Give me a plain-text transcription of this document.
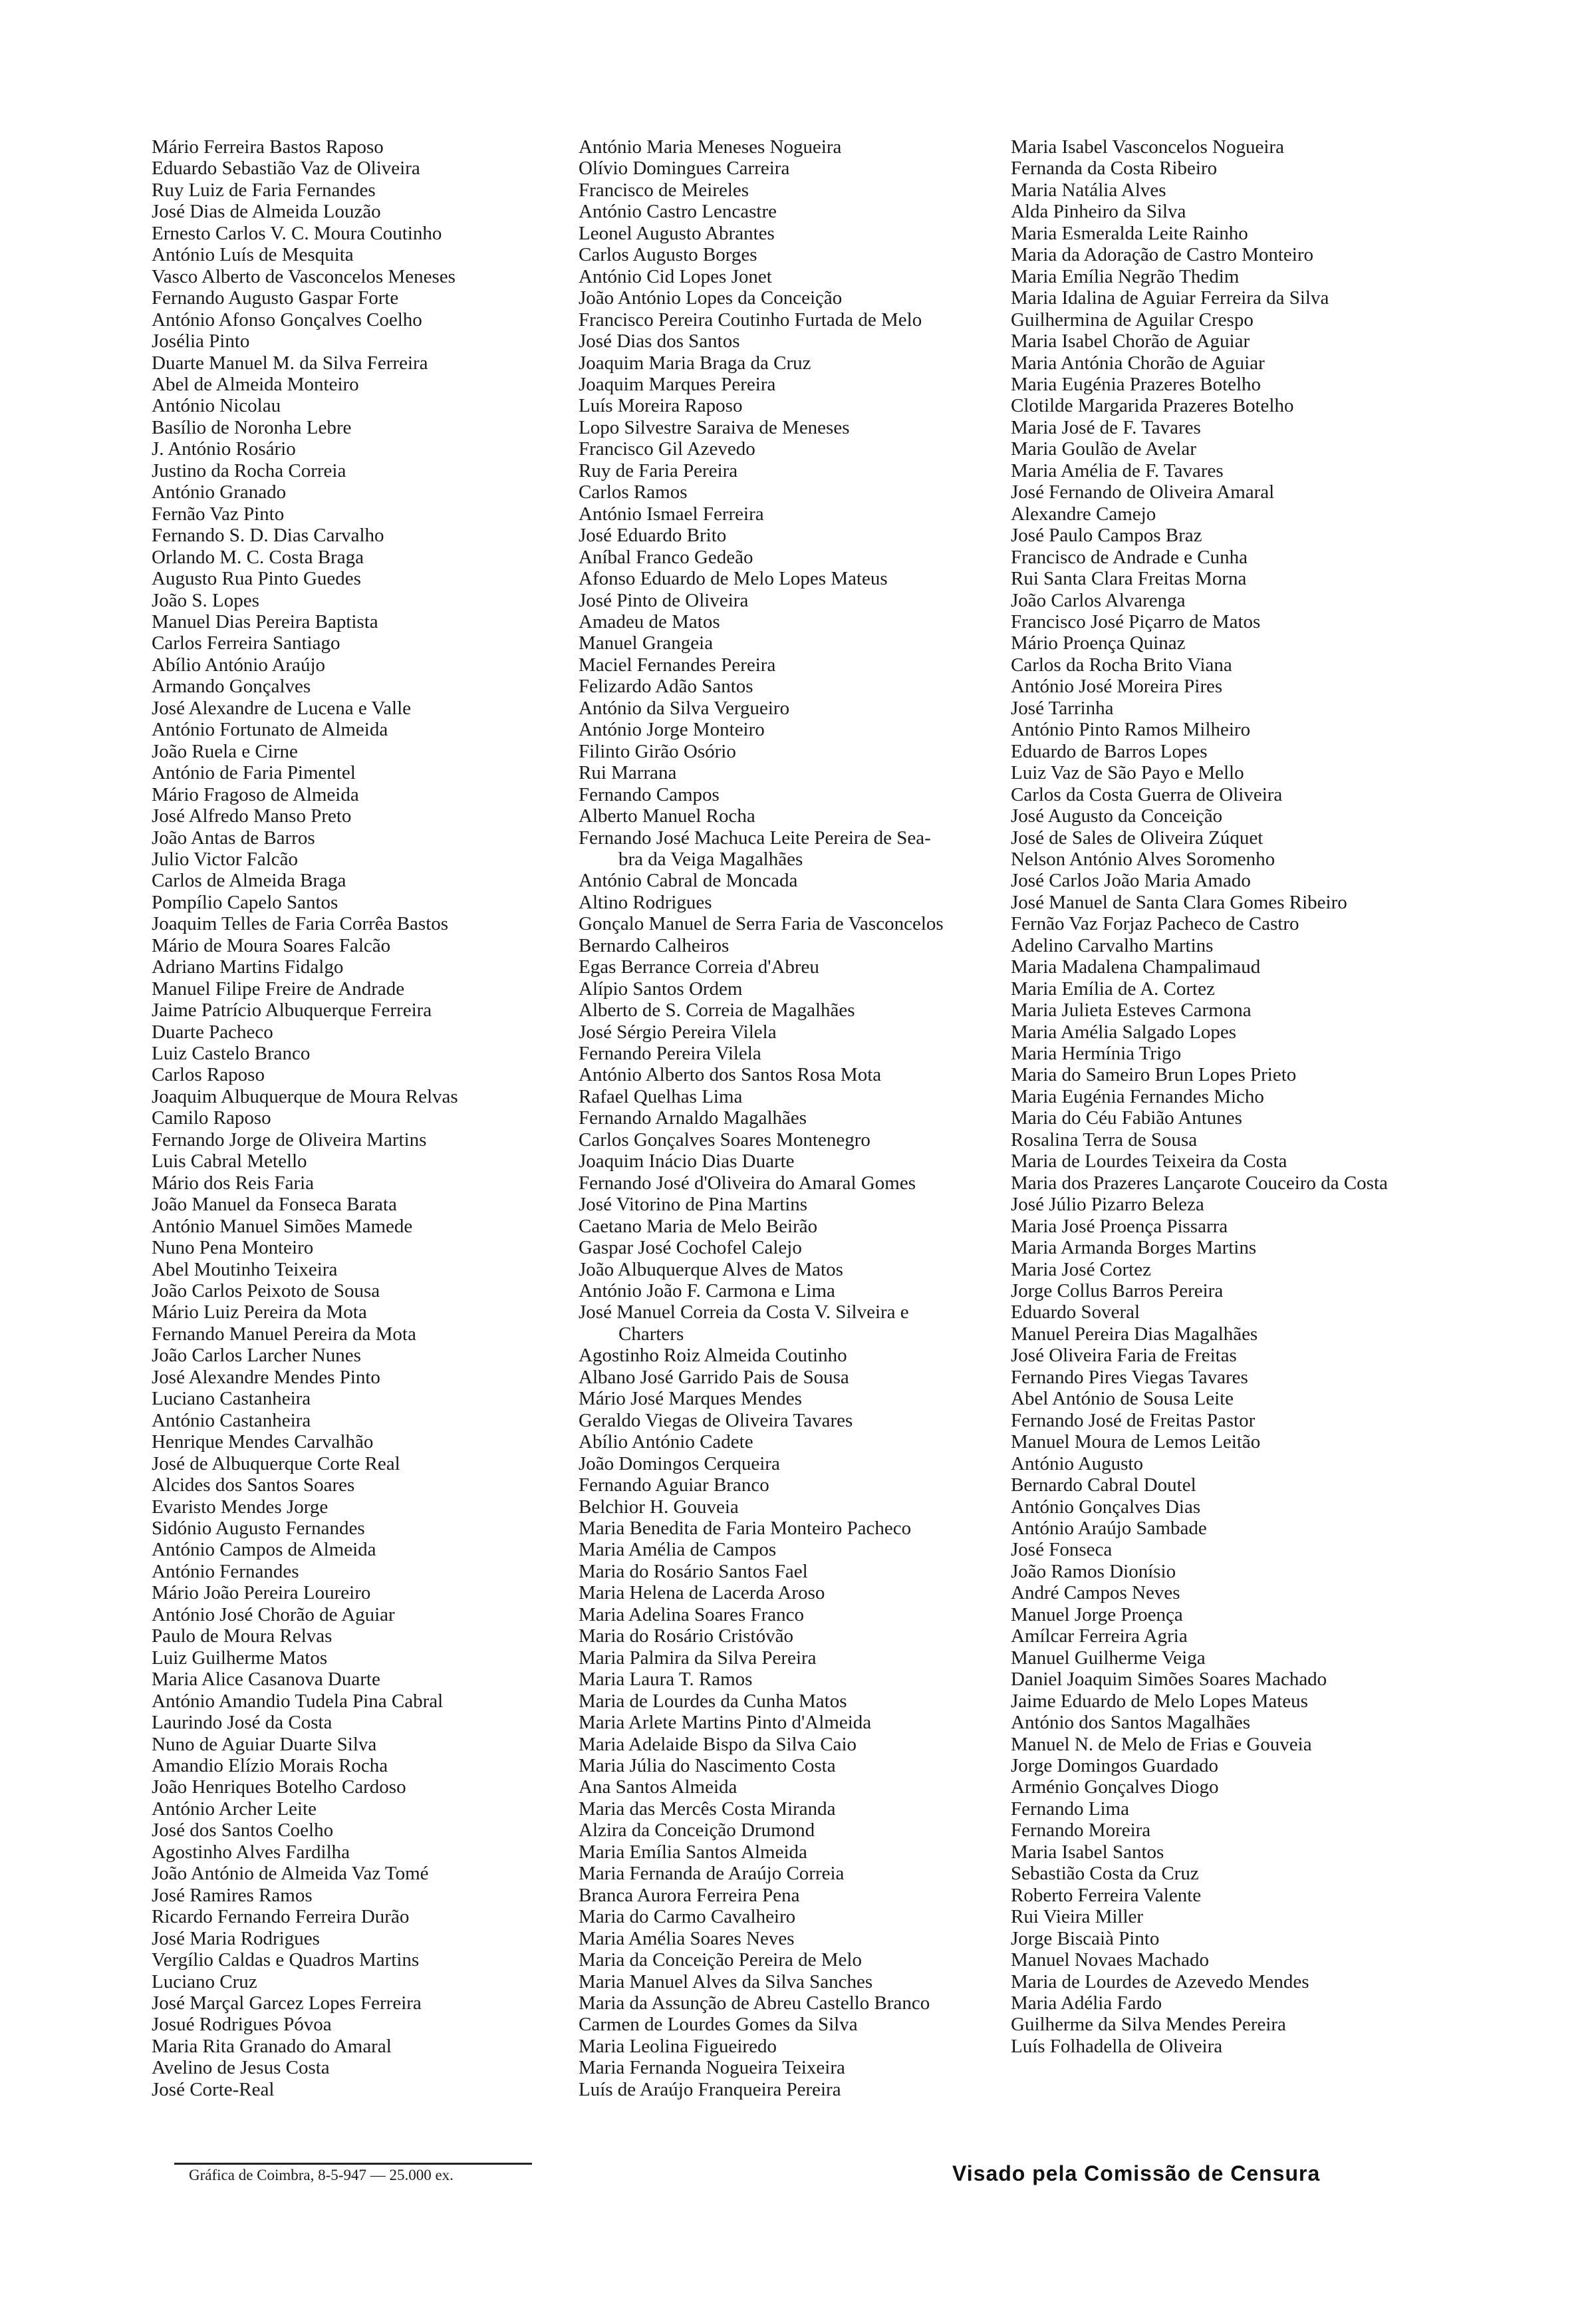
Mário Ferreira Bastos Raposo
Eduardo Sebastião Vaz de Oliveira
Ruy Luiz de Faria Fernandes
José Dias de Almeida Louzão
Ernesto Carlos V. C. Moura Coutinho
António Luís de Mesquita
Vasco Alberto de Vasconcelos Meneses
Fernando Augusto Gaspar Forte
António Afonso Gonçalves Coelho
Josélia Pinto
Duarte Manuel M. da Silva Ferreira
Abel de Almeida Monteiro
António Nicolau
Basílio de Noronha Lebre
J. António Rosário
Justino da Rocha Correia
António Granado
Fernão Vaz Pinto
Fernando S. D. Dias Carvalho
Orlando M. C. Costa Braga
Augusto Rua Pinto Guedes
João S. Lopes
Manuel Dias Pereira Baptista
Carlos Ferreira Santiago
Abílio António Araújo
Armando Gonçalves
José Alexandre de Lucena e Valle
António Fortunato de Almeida
João Ruela e Cirne
António de Faria Pimentel
Mário Fragoso de Almeida
José Alfredo Manso Preto
João Antas de Barros
Julio Victor Falcão
Carlos de Almeida Braga
Pompílio Capelo Santos
Joaquim Telles de Faria Corrêa Bastos
Mário de Moura Soares Falcão
Adriano Martins Fidalgo
Manuel Filipe Freire de Andrade
Jaime Patrício Albuquerque Ferreira
Duarte Pacheco
Luiz Castelo Branco
Carlos Raposo
Joaquim Albuquerque de Moura Relvas
Camilo Raposo
Fernando Jorge de Oliveira Martins
Luis Cabral Metello
Mário dos Reis Faria
João Manuel da Fonseca Barata
António Manuel Simões Mamede
Nuno Pena Monteiro
Abel Moutinho Teixeira
João Carlos Peixoto de Sousa
Mário Luiz Pereira da Mota
Fernando Manuel Pereira da Mota
João Carlos Larcher Nunes
José Alexandre Mendes Pinto
Luciano Castanheira
António Castanheira
Henrique Mendes Carvalhão
José de Albuquerque Corte Real
Alcides dos Santos Soares
Evaristo Mendes Jorge
Sidónio Augusto Fernandes
António Campos de Almeida
António Fernandes
Mário João Pereira Loureiro
António José Chorão de Aguiar
Paulo de Moura Relvas
Luiz Guilherme Matos
Maria Alice Casanova Duarte
António Amandio Tudela Pina Cabral
Laurindo José da Costa
Nuno de Aguiar Duarte Silva
Amandio Elízio Morais Rocha
João Henriques Botelho Cardoso
António Archer Leite
José dos Santos Coelho
Agostinho Alves Fardilha
João António de Almeida Vaz Tomé
José Ramires Ramos
Ricardo Fernando Ferreira Durão
José Maria Rodrigues
Vergílio Caldas e Quadros Martins
Luciano Cruz
José Marçal Garcez Lopes Ferreira
Josué Rodrigues Póvoa
Maria Rita Granado do Amaral
Avelino de Jesus Costa
José Corte-Real
António Maria Meneses Nogueira
Olívio Domingues Carreira
Francisco de Meireles
António Castro Lencastre
Leonel Augusto Abrantes
Carlos Augusto Borges
António Cid Lopes Jonet
João António Lopes da Conceição
Francisco Pereira Coutinho Furtada de Melo
José Dias dos Santos
Joaquim Maria Braga da Cruz
Joaquim Marques Pereira
Luís Moreira Raposo
Lopo Silvestre Saraiva de Meneses
Francisco Gil Azevedo
Ruy de Faria Pereira
Carlos Ramos
António Ismael Ferreira
José Eduardo Brito
Aníbal Franco Gedeão
Afonso Eduardo de Melo Lopes Mateus
José Pinto de Oliveira
Amadeu de Matos
Manuel Grangeia
Maciel Fernandes Pereira
Felizardo Adão Santos
António da Silva Vergueiro
António Jorge Monteiro
Filinto Girão Osório
Rui Marrana
Fernando Campos
Alberto Manuel Rocha
Fernando José Machuca Leite Pereira de Sea-
bra da Veiga Magalhães
António Cabral de Moncada
Altino Rodrigues
Gonçalo Manuel de Serra Faria de Vasconcelos
Bernardo Calheiros
Egas Berrance Correia d'Abreu
Alípio Santos Ordem
Alberto de S. Correia de Magalhães
José Sérgio Pereira Vilela
Fernando Pereira Vilela
António Alberto dos Santos Rosa Mota
Rafael Quelhas Lima
Fernando Arnaldo Magalhães
Carlos Gonçalves Soares Montenegro
Joaquim Inácio Dias Duarte
Fernando José d'Oliveira do Amaral Gomes
José Vitorino de Pina Martins
Caetano Maria de Melo Beirão
Gaspar José Cochofel Calejo
João Albuquerque Alves de Matos
António João F. Carmona e Lima
José Manuel Correia da Costa V. Silveira e
Charters
Agostinho Roiz Almeida Coutinho
Albano José Garrido Pais de Sousa
Mário José Marques Mendes
Geraldo Viegas de Oliveira Tavares
Abílio António Cadete
João Domingos Cerqueira
Fernando Aguiar Branco
Belchior H. Gouveia
Maria Benedita de Faria Monteiro Pacheco
Maria Amélia de Campos
Maria do Rosário Santos Fael
Maria Helena de Lacerda Aroso
Maria Adelina Soares Franco
Maria do Rosário Cristóvão
Maria Palmira da Silva Pereira
Maria Laura T. Ramos
Maria de Lourdes da Cunha Matos
Maria Arlete Martins Pinto d'Almeida
Maria Adelaide Bispo da Silva Caio
Maria Júlia do Nascimento Costa
Ana Santos Almeida
Maria das Mercês Costa Miranda
Alzira da Conceição Drumond
Maria Emília Santos Almeida
Maria Fernanda de Araújo Correia
Branca Aurora Ferreira Pena
Maria do Carmo Cavalheiro
Maria Amélia Soares Neves
Maria da Conceição Pereira de Melo
Maria Manuel Alves da Silva Sanches
Maria da Assunção de Abreu Castello Branco
Carmen de Lourdes Gomes da Silva
Maria Leolina Figueiredo
Maria Fernanda Nogueira Teixeira
Luís de Araújo Franqueira Pereira
Maria Isabel Vasconcelos Nogueira
Fernanda da Costa Ribeiro
Maria Natália Alves
Alda Pinheiro da Silva
Maria Esmeralda Leite Rainho
Maria da Adoração de Castro Monteiro
Maria Emília Negrão Thedim
Maria Idalina de Aguiar Ferreira da Silva
Guilhermina de Aguilar Crespo
Maria Isabel Chorão de Aguiar
Maria Antónia Chorão de Aguiar
Maria Eugénia Prazeres Botelho
Clotilde Margarida Prazeres Botelho
Maria José de F. Tavares
Maria Goulão de Avelar
Maria Amélia de F. Tavares
José Fernando de Oliveira Amaral
Alexandre Camejo
José Paulo Campos Braz
Francisco de Andrade e Cunha
Rui Santa Clara Freitas Morna
João Carlos Alvarenga
Francisco José Piçarro de Matos
Mário Proença Quinaz
Carlos da Rocha Brito Viana
António José Moreira Pires
José Tarrinha
António Pinto Ramos Milheiro
Eduardo de Barros Lopes
Luiz Vaz de São Payo e Mello
Carlos da Costa Guerra de Oliveira
José Augusto da Conceição
José de Sales de Oliveira Zúquet
Nelson António Alves Soromenho
José Carlos João Maria Amado
José Manuel de Santa Clara Gomes Ribeiro
Fernão Vaz Forjaz Pacheco de Castro
Adelino Carvalho Martins
Maria Madalena Champalimaud
Maria Emília de A. Cortez
Maria Julieta Esteves Carmona
Maria Amélia Salgado Lopes
Maria Hermínia Trigo
Maria do Sameiro Brun Lopes Prieto
Maria Eugénia Fernandes Micho
Maria do Céu Fabião Antunes
Rosalina Terra de Sousa
Maria de Lourdes Teixeira da Costa
Maria dos Prazeres Lançarote Couceiro da Costa
José Júlio Pizarro Beleza
Maria José Proença Pissarra
Maria Armanda Borges Martins
Maria José Cortez
Jorge Collus Barros Pereira
Eduardo Soveral
Manuel Pereira Dias Magalhães
José Oliveira Faria de Freitas
Fernando Pires Viegas Tavares
Abel António de Sousa Leite
Fernando José de Freitas Pastor
Manuel Moura de Lemos Leitão
António Augusto
Bernardo Cabral Doutel
António Gonçalves Dias
António Araújo Sambade
José Fonseca
João Ramos Dionísio
André Campos Neves
Manuel Jorge Proença
Amílcar Ferreira Agria
Manuel Guilherme Veiga
Daniel Joaquim Simões Soares Machado
Jaime Eduardo de Melo Lopes Mateus
António dos Santos Magalhães
Manuel N. de Melo de Frias e Gouveia
Jorge Domingos Guardado
Arménio Gonçalves Diogo
Fernando Lima
Fernando Moreira
Maria Isabel Santos
Sebastião Costa da Cruz
Roberto Ferreira Valente
Rui Vieira Miller
Jorge Biscaià Pinto
Manuel Novaes Machado
Maria de Lourdes de Azevedo Mendes
Maria Adélia Fardo
Guilherme da Silva Mendes Pereira
Luís Folhadella de Oliveira
Gráfica de Coimbra, 8-5-947 — 25.000 ex.	Visado pela Comissão de Censura
